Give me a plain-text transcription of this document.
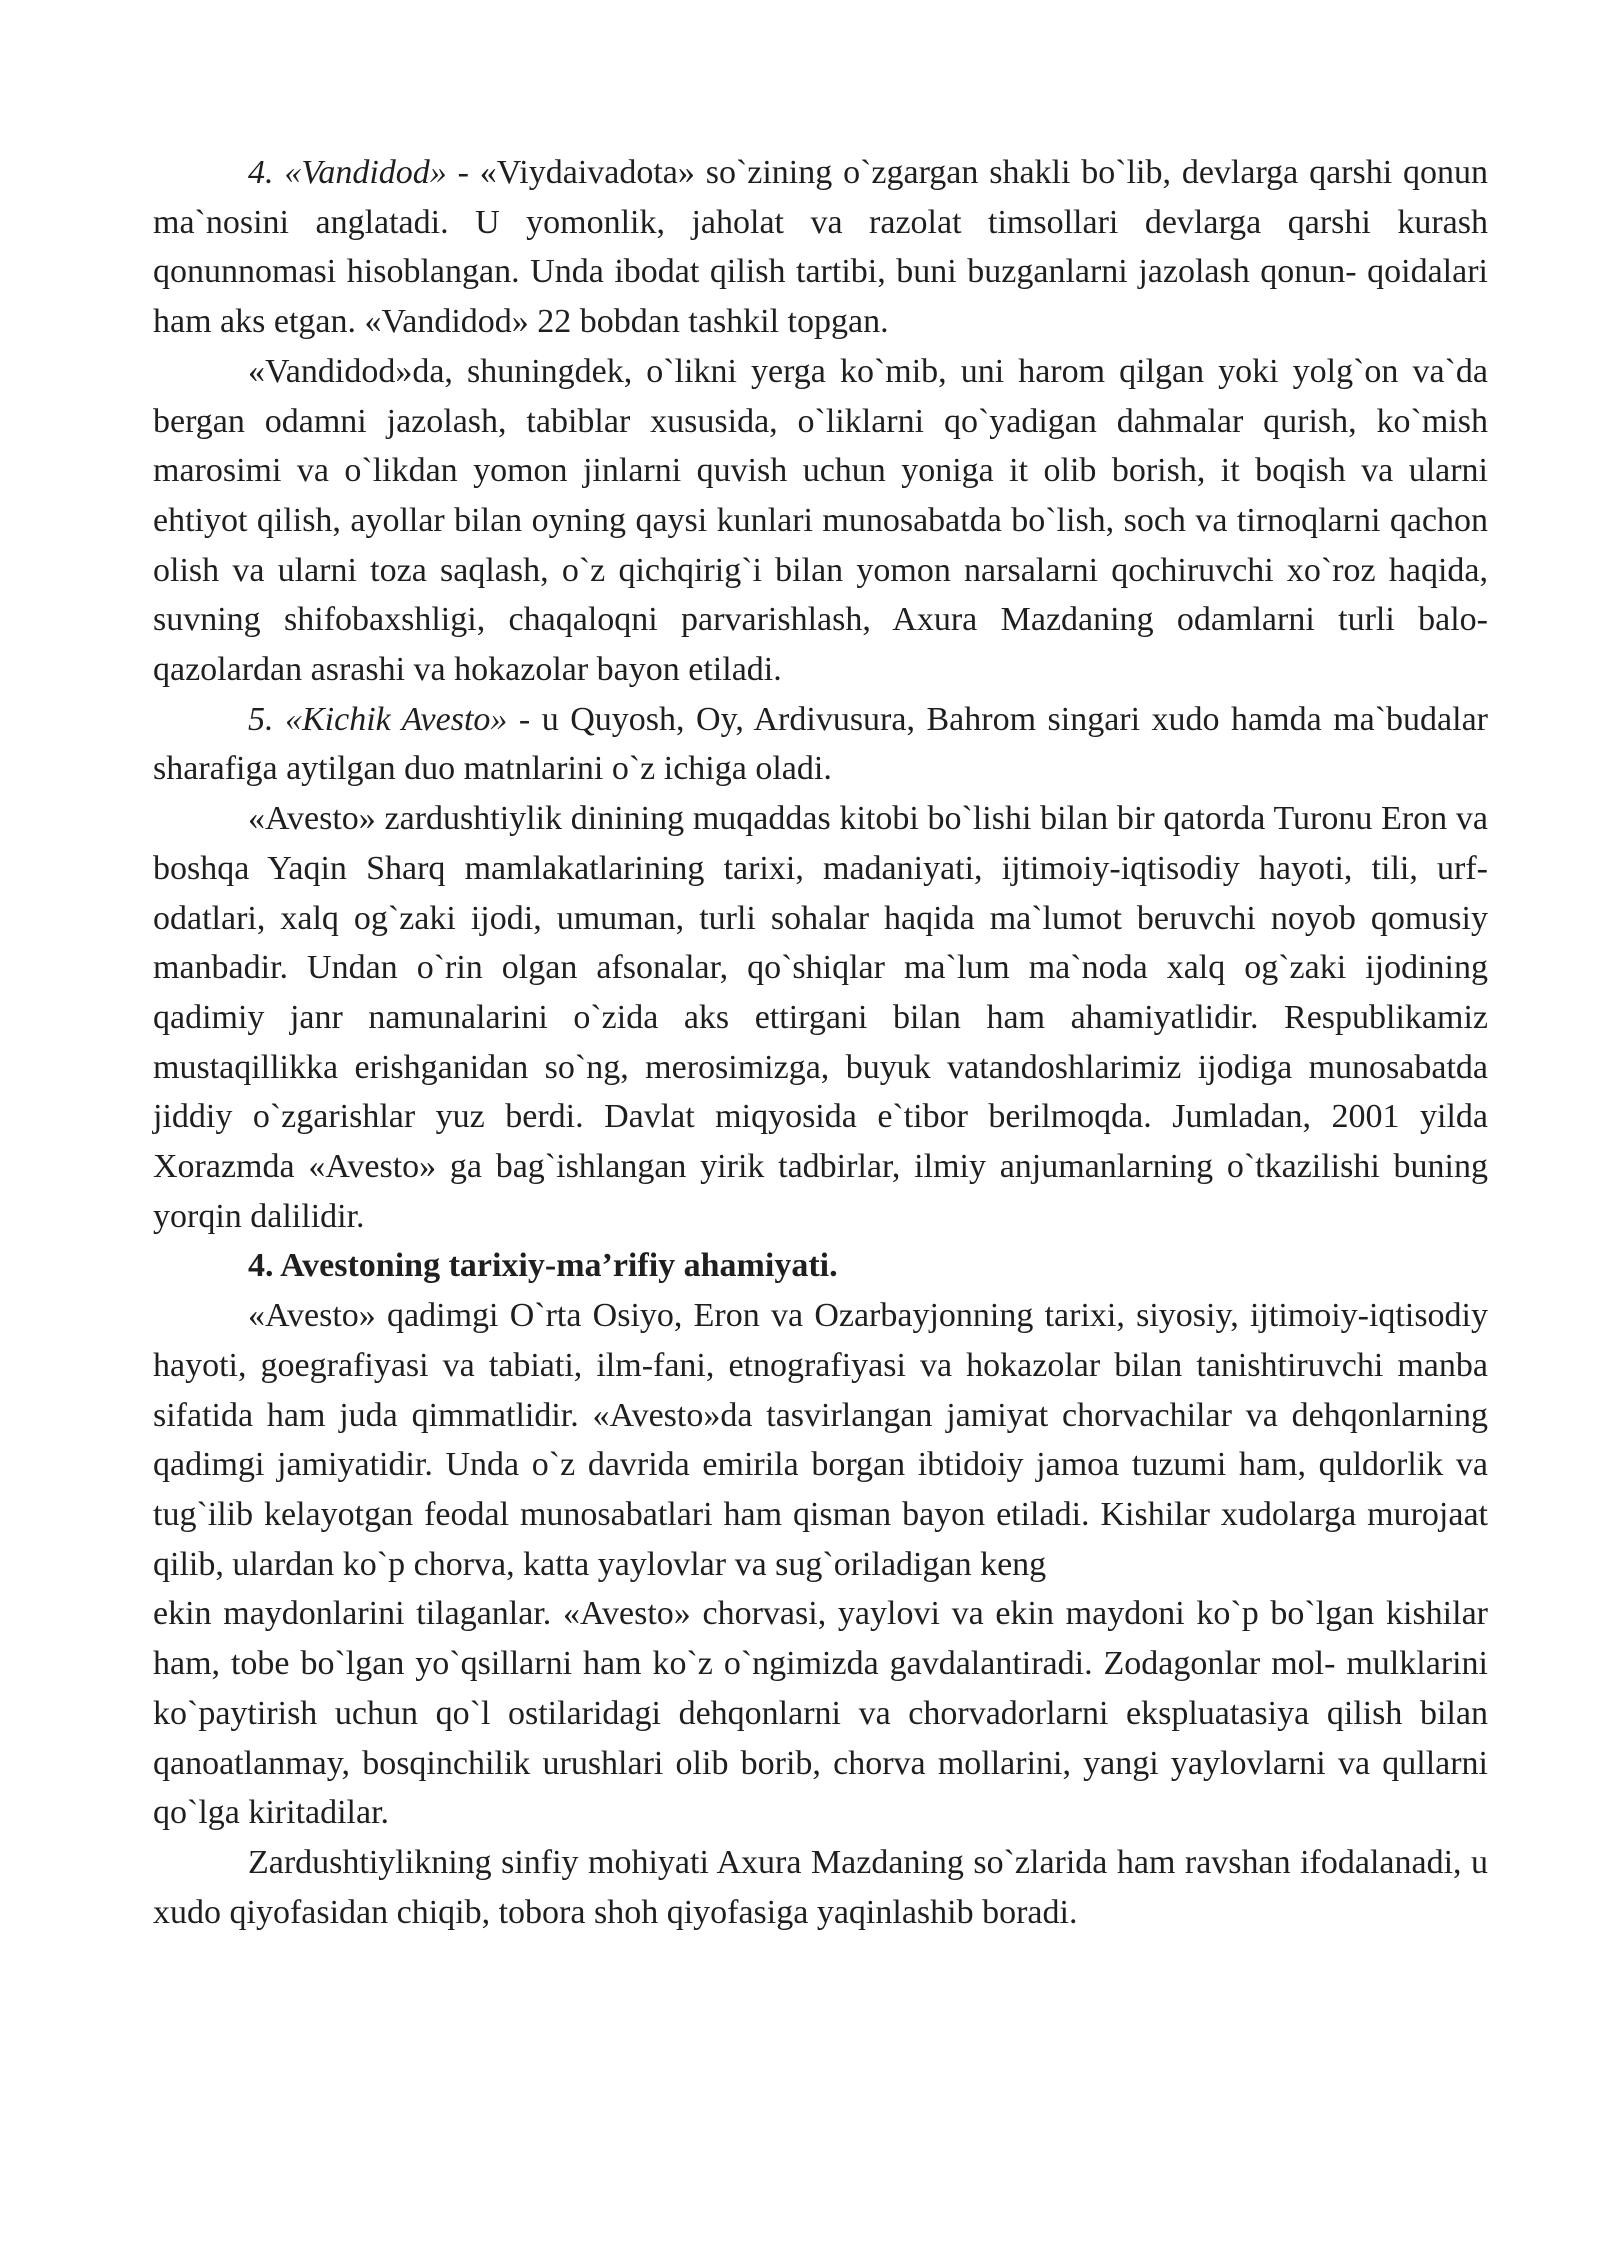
4. «Vandidod» - «Viydaivadota» so`zining o`zgargan shakli bo`lib, devlarga qarshi qonun ma`nosini anglatadi. U yomonlik, jaholat va razolat timsollari devlarga qarshi kurash qonunnomasi hisoblangan. Unda ibodat qilish tartibi, buni buzganlarni jazolash qonun- qoidalari ham aks etgan. «Vandidod» 22 bobdan tashkil topgan.

«Vandidod»da, shuningdek, o`likni yerga ko`mib, uni harom qilgan yoki yolg`on va`da bergan odamni jazolash, tabiblar xususida, o`liklarni qo`yadigan dahmalar qurish, ko`mish marosimi va o`likdan yomon jinlarni quvish uchun yoniga it olib borish, it boqish va ularni ehtiyot qilish, ayollar bilan oyning qaysi kunlari munosabatda bo`lish, soch va tirnoqlarni qachon olish va ularni toza saqlash, o`z qichqirig`i bilan yomon narsalarni qochiruvchi xo`roz haqida, suvning shifobaxshligi, chaqaloqni parvarishlash, Axura Mazdaning odamlarni turli balo-qazolardan asrashi va hokazolar bayon etiladi.

5. «Kichik Avesto» - u Quyosh, Oy, Ardivusura, Bahrom singari xudo hamda ma`budalar sharafiga aytilgan duo matnlarini o`z ichiga oladi.

«Avesto» zardushtiylik dinining muqaddas kitobi bo`lishi bilan bir qatorda Turonu Eron va boshqa Yaqin Sharq mamlakatlarining tarixi, madaniyati, ijtimoiy-iqtisodiy hayoti, tili, urf-odatlari, xalq og`zaki ijodi, umuman, turli sohalar haqida ma`lumot beruvchi noyob qomusiy manbadir. Undan o`rin olgan afsonalar, qo`shiqlar ma`lum ma`noda xalq og`zaki ijodining qadimiy janr namunalarini o`zida aks ettirgani bilan ham ahamiyatlidir. Respublikamiz mustaqillikka erishganidan so`ng, merosimizga, buyuk vatandoshlarimiz ijodiga munosabatda jiddiy o`zgarishlar yuz berdi. Davlat miqyosida e`tibor berilmoqda. Jumladan, 2001 yilda Xorazmda «Avesto» ga bag`ishlangan yirik tadbirlar, ilmiy anjumanlarning o`tkazilishi buning yorqin dalilidir.

4. Avestoning tarixiy-ma’rifiy ahamiyati.

«Avesto» qadimgi O`rta Osiyo, Eron va Ozarbayjonning tarixi, siyosiy, ijtimoiy-iqtisodiy hayoti, goegrafiyasi va tabiati, ilm-fani, etnografiyasi va hokazolar bilan tanishtiruvchi manba sifatida ham juda qimmatlidir. «Avesto»da tasvirlangan jamiyat chorvachilar va dehqonlarning qadimgi jamiyatidir. Unda o`z davrida emirila borgan ibtidoiy jamoa tuzumi ham, quldorlik va tug`ilib kelayotgan feodal munosabatlari ham qisman bayon etiladi. Kishilar xudolarga murojaat qilib, ulardan ko`p chorva, katta yaylovlar va sug`oriladigan keng

ekin maydonlarini tilaganlar. «Avesto» chorvasi, yaylovi va ekin maydoni ko`p bo`lgan kishilar ham, tobe bo`lgan yo`qsillarni ham ko`z o`ngimizda gavdalantiradi. Zodagonlar mol- mulklarini ko`paytirish uchun qo`l ostilaridagi dehqonlarni va chorvadorlarni ekspluatasiya qilish bilan qanoatlanmay, bosqinchilik urushlari olib borib, chorva mollarini, yangi yaylovlarni va qullarni qo`lga kiritadilar.

Zardushtiylikning sinfiy mohiyati Axura Mazdaning so`zlarida ham ravshan ifodalanadi, u xudo qiyofasidan chiqib, tobora shoh qiyofasiga yaqinlashib boradi.
